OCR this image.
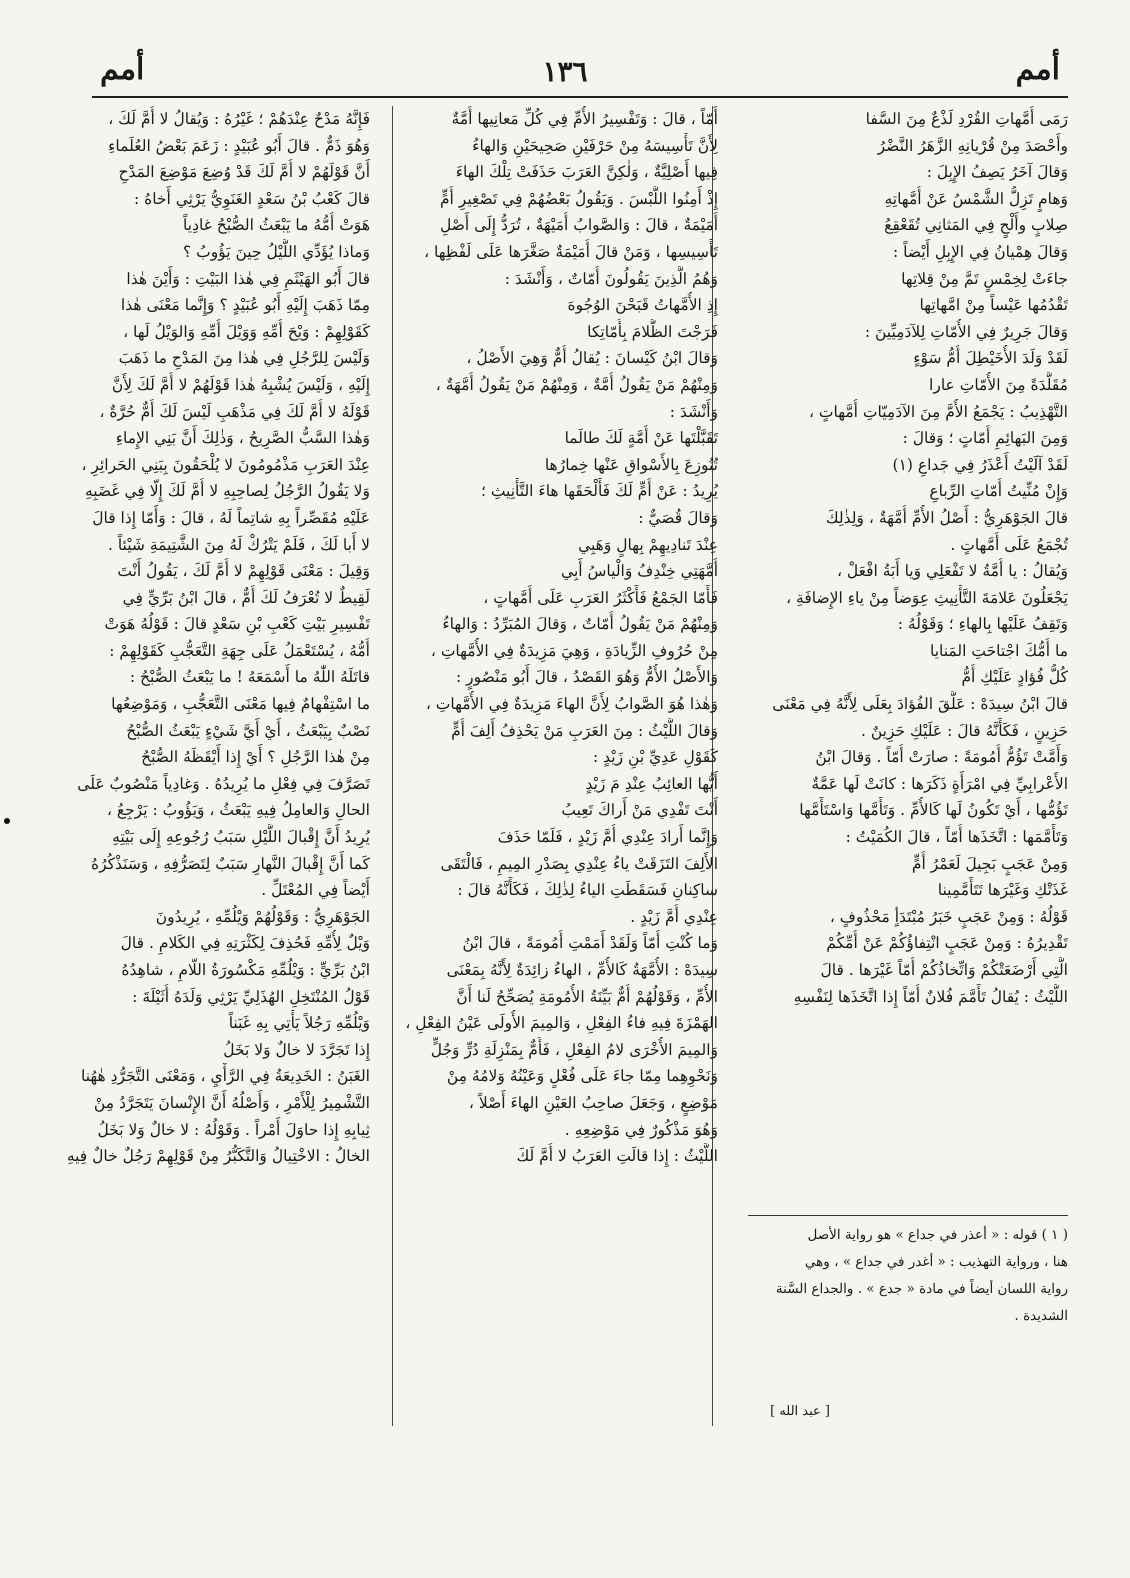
أمم
١٣٦
أمم

رَمَى أُمَّهاتِ القُرْدِ لَذْعٌ مِنَ السَّفا

وأَحْصَدَ مِنْ قُرْيانِهِ الزَّهَرُ النَّضْرُ

وَقالَ آخَرُ يَصِفُ الإِبِلَ :

وَهامٍ تَزِلُّ الشَّمْسُ عَنْ أُمَّهاتِهِ

صِلابٍ وأَلْحٍ فِي المَثانِي تُقَعْقِعُ

وَقالَ هِمْيانُ فِي الإِبِلِ أَيْضاً :

جاءَتْ لِخِمْسٍ تَمَّ مِنْ قِلاتِها

تَقْدُمُها عَيْساً مِنْ امَّهاتِها

وَقالَ جَرِيرٌ فِي الأُمّاتِ لِلآدَمِيِّينَ :

لَقَدْ وَلَدَ الأُخَيْطِلَ أُمُّ سَوْءٍ

مُقَلَّدَةً مِنَ الأُمّاتِ عارا

التَّهْذِيبُ : يَجْمَعُ الأُمَّ مِنَ الآدَمِيّاتِ أُمَّهاتٍ ،

وَمِنَ البَهائِمِ أُمّاتٍ ؛ وَقالَ :

لَقَدْ آلَيْتُ أَعْذَرُ فِي جَداعِ (١)

وَإِنْ مُنِّيتُ أُمّاتِ الرِّباعِ

قالَ الجَوْهَرِيُّ : أَصْلُ الأُمِّ أُمَّهَةٌ ، وَلِذٰلِكَ

تُجْمَعُ عَلَى أُمَّهاتٍ .

وَيُقالُ : يا أُمَّةُ لا تَفْعَلِي وَيا أَبَةُ افْعَلْ ،

يَجْعَلُونَ عَلامَةَ التَّأْنِيثِ عِوَضاً مِنْ ياءِ الإِضافَةِ ،

وَتَقِفُ عَلَيْها بِالهاءِ ؛ وَقَوْلُهُ :

ما أُمُّكَ اجْتاحَتِ المَنايا

كُلُّ فُؤادٍ عَلَيْكِ أُمُّ

قالَ ابْنُ سِيدَهْ : عَلَّقَ الفُؤادَ بِعَلَى لِأَنَّهُ فِي مَعْنَى

حَزِينٍ ، فَكَأَنَّهُ قالَ : عَلَيْكِ حَزِينٌ .

وَأَمَّتْ تَؤُمُّ أُمُومَةً : صارَتْ أُمّاً . وَقالَ ابْنُ

الأَعْرابِيِّ فِي امْرَأَةٍ ذَكَرَها : كانَتْ لَها عَمَّةٌ

تَؤُمُّها ، أَيْ تَكُونُ لَها كَالأُمِّ . وَتَأَمَّها وَاسْتَأَمَّها

وَتَأَمَّمَها : اتَّخَذَها أُمّاً ، قالَ الكُمَيْتُ :

وَمِنْ عَجَبٍ بَجِيلَ لَعَمْرُ أُمٍّ

غَذَتْكِ وَغَيْرَها تَتَأَمَّمِينا

قَوْلُهُ : وَمِنْ عَجَبٍ خَبَرُ مُبْتَدَأٍ مَحْذُوفٍ ،

تَقْدِيرُهُ : وَمِنْ عَجَبٍ انْتِفاؤُكُمْ عَنْ أُمِّكُمْ

الَّتِي أَرْضَعَتْكُمْ وَاتِّخاذُكُمْ أُمّاً غَيْرَها . قالَ

اللَّيْثُ : يُقالُ تَأَمَّمَ فُلانٌ أُمّاً إِذا اتَّخَذَها لِنَفْسِهِ

أُمّاً ، قالَ : وَتَفْسِيرُ الأُمِّ فِي كُلِّ مَعانِيها أُمَّةٌ

لِأَنَّ تَأْسِيسَهُ مِنْ حَرْفَيْنِ صَحِيحَيْنِ وَالهاءُ

فِيها أَصْلِيَّةٌ ، وَلٰكِنَّ العَرَبَ حَذَفَتْ تِلْكَ الهاءَ

إِذْ أَمِنُوا اللَّبْسَ . وَيَقُولُ بَعْضُهُمْ فِي تَصْغِيرِ أُمٍّ

أُمَيْمَةٌ ، قالَ : وَالصَّوابُ أُمَيْهَةٌ ، تُرَدُّ إِلَى أَصْلِ

تَأْسِيسِها ، وَمَنْ قالَ أُمَيْمَةٌ صَغَّرَها عَلَى لَفْظِها ،

وَهُمُ الَّذِينَ يَقُولُونَ أُمّاتٌ ، وَأَنْشَدَ :

إِذِ الأُمَّهاتُ قَبَحْنَ الوُجُوهَ

فَرَجْتَ الظَّلامَ بِأُمّاتِكا

وَقالَ ابْنُ كَيْسانَ : يُقالُ أُمٌّ وَهِيَ الأَصْلُ ،

وَمِنْهُمْ مَنْ يَقُولُ أُمَّةٌ ، وَمِنْهُمْ مَنْ يَقُولُ أُمَّهَةٌ ،

وَأَنْشَدَ :

تَقَبَّلْتَها عَنْ أُمَّةٍ لَكَ طالَما

تُنُوزِعَ بِالأَسْواقِ عَنْها خِمارُها

يُرِيدُ : عَنْ أُمٍّ لَكَ فَأَلْحَقَها هاءَ التَّأْنِيثِ ؛

وَقالَ قُصَيٌّ :

عِنْدَ تَنادِيهِمْ بِهالٍ وَهَبِي

أُمَّهَتِي خِنْدِفُ وَالْياسُ أَبِي

فَأَمّا الجَمْعُ فَأَكْثَرُ العَرَبِ عَلَى أُمَّهاتٍ ،

وَمِنْهُمْ مَنْ يَقُولُ أُمّاتٌ ، وَقالَ المُبَرِّدُ : وَالهاءُ

مِنْ حُرُوفِ الزِّيادَةِ ، وَهِيَ مَزِيدَةٌ فِي الأُمَّهاتِ ،

وَالأَصْلُ الأُمُّ وَهُوَ القَصْدُ ، قالَ أَبُو مَنْصُورٍ :

وَهٰذا هُوَ الصَّوابُ لِأَنَّ الهاءَ مَزِيدَةٌ فِي الأُمَّهاتِ ،

وَقالَ اللَّيْثُ : مِنَ العَرَبِ مَنْ يَحْذِفُ أَلِفَ أُمٍّ

كَقَوْلِ عَدِيِّ بْنِ زَيْدٍ :

أَيُّها العائِبُ عِنْدِ مَ زَيْدٍ

أَنْتَ تَفْدِي مَنْ أَراكَ تَعِيبُ

وَإِنَّما أَرادَ عِنْدِي أُمَّ زَيْدٍ ، فَلَمّا حَذَفَ

الأَلِفَ التَزَقَتْ ياءُ عِنْدِي بِصَدْرِ المِيمِ ، فَالْتَقَى

ساكِنانِ فَسَقَطَتِ الياءُ لِذٰلِكَ ، فَكَأَنَّهُ قالَ :

عِنْدِي أُمَّ زَيْدٍ .

وَما كُنْتِ أُمّاً وَلَقَدْ أَمَمْتِ أُمُومَةً ، قالَ ابْنُ

سِيدَهْ : الأُمَّهَةُ كَالأُمِّ ، الهاءُ زائِدَةٌ لِأَنَّهُ بِمَعْنَى

الأُمِّ ، وَقَوْلُهُمْ أُمٌّ بَيِّنَةُ الأُمُومَةِ يُصَحِّحُ لَنا أَنَّ

الهَمْزَةَ فِيهِ فاءُ الفِعْلِ ، وَالمِيمَ الأُولَى عَيْنُ الفِعْلِ ،

وَالمِيمَ الأُخْرَى لامُ الفِعْلِ ، فَأُمٌّ بِمَنْزِلَةِ دُرٍّ وَجُلٍّ

وَنَحْوِهِما مِمّا جاءَ عَلَى فُعْلٍ وَعَيْنُهُ وَلامُهُ مِنْ

مَوْضِعٍ ، وَجَعَلَ صاحِبُ العَيْنِ الهاءَ أَصْلاً ،

وَهُوَ مَذْكُورٌ فِي مَوْضِعِهِ .

اللَّيْثُ : إِذا قالَتِ العَرَبُ لا أُمَّ لَكَ

فَإِنَّهُ مَدْحٌ عِنْدَهُمْ ؛ غَيْرُهُ : وَيُقالُ لا أُمَّ لَكَ ،

وَهُوَ ذَمٌّ . قالَ أَبُو عُبَيْدٍ : زَعَمَ بَعْضُ العُلَماءِ

أَنَّ قَوْلَهُمْ لا أُمَّ لَكَ قَدْ وُضِعَ مَوْضِعَ المَدْحِ

قالَ كَعْبُ بْنُ سَعْدٍ الغَنَوِيُّ يَرْثِي أَخاهُ :

هَوَتْ أُمُّهُ ما يَبْعَثُ الصُّبْحُ غادِياً

وَماذا يُؤَدِّي اللَّيْلُ حِينَ يَؤُوبُ ؟

قالَ أَبُو الهَيْثَمِ فِي هٰذا البَيْتِ : وَأَيْنَ هٰذا

مِمّا ذَهَبَ إِلَيْهِ أَبُو عُبَيْدٍ ؟ وَإِنَّما مَعْنَى هٰذا

كَقَوْلِهِمْ : وَيْحَ أُمِّهِ وَوَيْلَ أُمِّهِ وَالوَيْلُ لَها ،

وَلَيْسَ لِلرَّجُلِ فِي هٰذا مِنَ المَدْحِ ما ذَهَبَ

إِلَيْهِ ، وَلَيْسَ يُشْبِهُ هٰذا قَوْلَهُمْ لا أُمَّ لَكَ لِأَنَّ

قَوْلَهُ لا أُمَّ لَكَ فِي مَذْهَبِ لَيْسَ لَكَ أُمٌّ حُرَّةٌ ،

وَهٰذا السَّبُّ الصَّرِيحُ ، وَذٰلِكَ أَنَّ بَنِي الإِماءِ

عِنْدَ العَرَبِ مَذْمُومُونَ لا يُلْحَقُونَ بِبَنِي الحَرائِرِ ،

وَلا يَقُولُ الرَّجُلُ لِصاحِبِهِ لا أُمَّ لَكَ إِلّا فِي غَضَبِهِ

عَلَيْهِ مُقَصِّراً بِهِ شاتِماً لَهُ ، قالَ : وَأَمّا إِذا قالَ

لا أَبا لَكَ ، فَلَمْ يَتْرُكْ لَهُ مِنَ الشَّتِيمَةِ شَيْئاً .

وَقِيلَ : مَعْنَى قَوْلِهِمْ لا أُمَّ لَكَ ، يَقُولُ أَنْتَ

لَقِيطٌ لا تُعْرَفُ لَكَ أُمٌّ ، قالَ ابْنُ بَرِّيٍّ فِي

تَفْسِيرِ بَيْتِ كَعْبِ بْنِ سَعْدٍ قالَ : قَوْلُهُ هَوَتْ

أُمُّهُ ، يُسْتَعْمَلُ عَلَى جِهَةِ التَّعَجُّبِ كَقَوْلِهِمْ :

قاتَلَهُ اللّٰهُ ما أَسْمَعَهُ ! ما يَبْعَثُ الصُّبْحُ :

ما اسْتِفْهامٌ فِيها مَعْنَى التَّعَجُّبِ ، وَمَوْضِعُها

نَصْبٌ بِيَبْعَثُ ، أَيْ أَيَّ شَيْءٍ يَبْعَثُ الصُّبْحُ

مِنْ هٰذا الرَّجُلِ ؟ أَيْ إِذا أَيْقَظَهُ الصُّبْحُ

تَصَرَّفَ فِي فِعْلِ ما يُرِيدُهُ . وَغادِياً مَنْصُوبٌ عَلَى

الحالِ وَالعامِلُ فِيهِ يَبْعَثُ ، وَيَؤُوبُ : يَرْجِعُ ،

يُرِيدُ أَنَّ إِقْبالَ اللَّيْلِ سَبَبُ رُجُوعِهِ إِلَى بَيْتِهِ

كَما أَنَّ إِقْبالَ النَّهارِ سَبَبٌ لِتَصَرُّفِهِ ، وَسَنَذْكُرُهُ

أَيْضاً فِي المُعْتَلِّ .

الجَوْهَرِيُّ : وَقَوْلُهُمْ وَيْلُمِّهِ ، يُرِيدُونَ

وَيْلٌ لِأُمِّهِ فَحُذِفَ لِكَثْرَتِهِ فِي الكَلامِ . قالَ

ابْنُ بَرِّيٍّ : وَيْلُمِّهِ مَكْسُورَةُ اللّامِ ، شاهِدُهُ

قَوْلُ المُنْتَخِلِ الهُذَلِيِّ يَرْثِي وَلَدَهُ أُثَيْلَةَ :

وَيْلُمِّهِ رَجُلاً يَأْتِي بِهِ غَبَناً

إِذا تَجَرَّدَ لا خالٌ وَلا بَخَلُ

الغَبَنُ : الخَدِيعَةُ فِي الرَّأْيِ ، وَمَعْنَى التَّجَرُّدِ هٰهُنا

التَّشْمِيرُ لِلْأَمْرِ ، وَأَصْلُهُ أَنَّ الإِنْسانَ يَتَجَرَّدُ مِنْ

ثِيابِهِ إِذا حاوَلَ أَمْراً . وَقَوْلُهُ : لا خالٌ وَلا بَخَلُ

الخالُ : الاخْتِيالُ وَالتَّكَبُّرُ مِنْ قَوْلِهِمْ رَجُلٌ خالٌ فِيهِ

( ١ ) قوله : « أعذر في جداع » هو رواية الأصل

هنا ، ورواية التهذيب : « أغدر في جداع » ، وهي

رواية اللسان أيضاً في مادة « جدع » . والجداع السَّنة

الشديدة .

[ عبد الله ]
